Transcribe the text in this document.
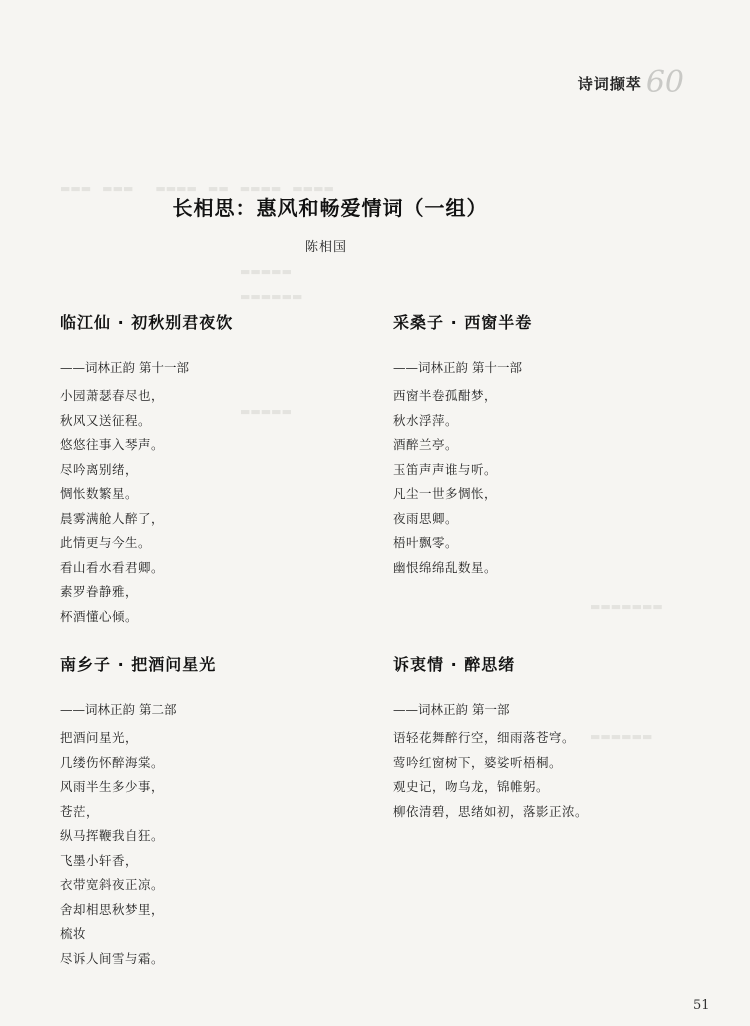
▬▬▬　▬▬▬　　▬▬▬▬　▬▬　▬▬▬▬　▬▬▬▬
▬▬▬▬▬
▬▬▬▬▬▬
▬▬▬▬▬
▬▬▬▬▬▬▬
▬▬▬▬▬▬
诗词撷萃 60
长相思：惠风和畅爱情词（一组）
陈相国
临江仙 · 初秋别君夜饮
——词林正韵 第十一部
小园萧瑟春尽也，
秋风又送征程。
悠悠往事入琴声。
尽吟离别绪，
惆怅数繁星。
晨雾满舱人醉了，
此情更与今生。
看山看水看君卿。
素罗眷静雅，
杯酒懂心倾。
采桑子 · 西窗半卷
——词林正韵 第十一部
西窗半卷孤酣梦，
秋水浮萍。
酒醉兰亭。
玉笛声声谁与听。
凡尘一世多惆怅，
夜雨思卿。
梧叶飘零。
幽恨绵绵乱数星。
南乡子 · 把酒问星光
——词林正韵 第二部
把酒问星光，
几缕伤怀醉海棠。
风雨半生多少事，
苍茫，
纵马挥鞭我自狂。
飞墨小轩香，
衣带宽斜夜正凉。
舍却相思秋梦里，
梳妆
尽诉人间雪与霜。
诉衷情 · 醉思绪
——词林正韵 第一部
语轻花舞醉行空，细雨落苍穹。
莺吟红窗树下，婆娑听梧桐。
观史记，吻乌龙，锦帷躬。
柳依清碧，思绪如初，落影正浓。
51
